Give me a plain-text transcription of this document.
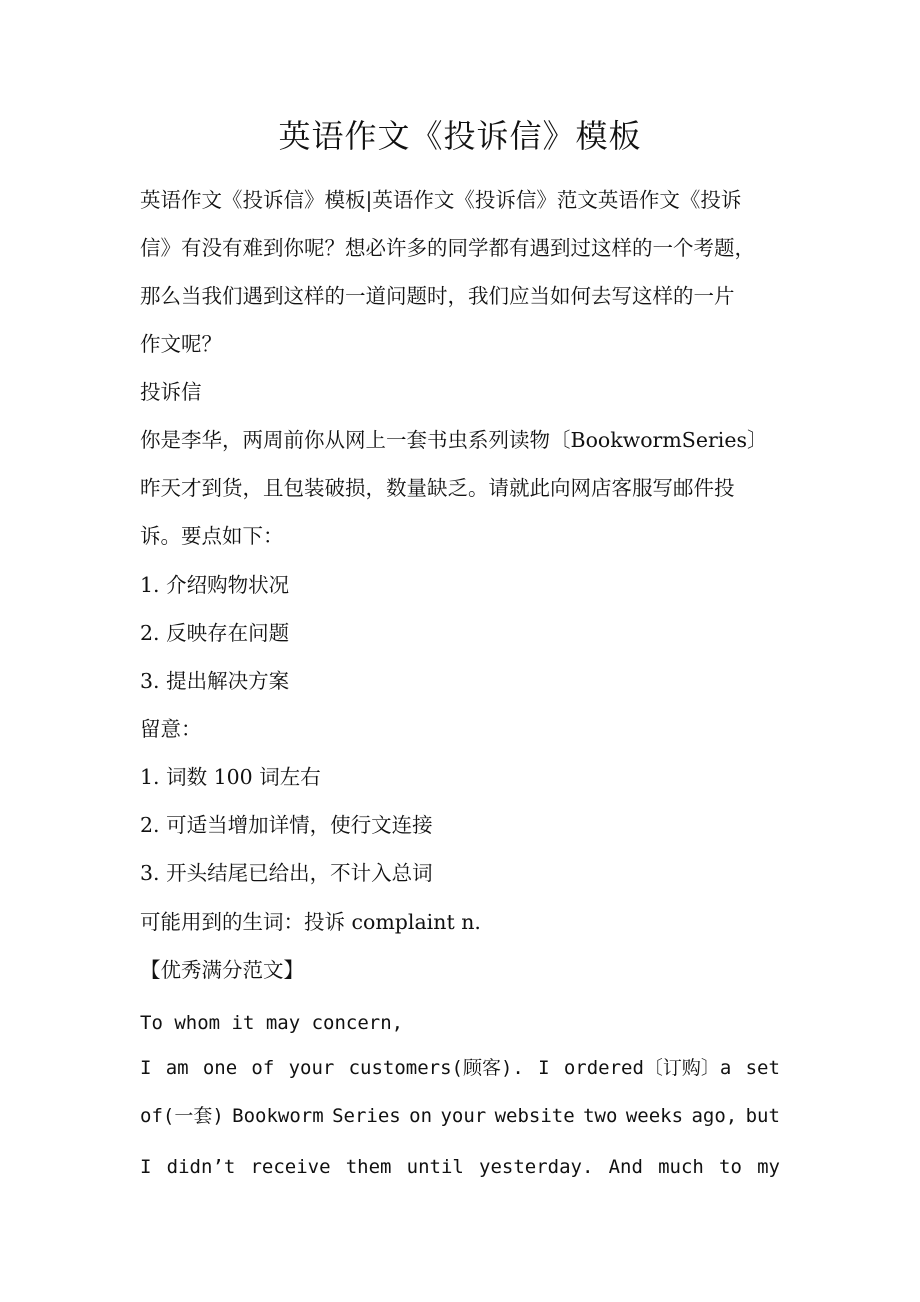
英语作文《投诉信》模板
英语作文《投诉信》模板|英语作文《投诉信》范文英语作文《投诉
信》有没有难到你呢？想必许多的同学都有遇到过这样的一个考题，
那么当我们遇到这样的一道问题时，我们应当如何去写这样的一片
作文呢？
投诉信
你是李华，两周前你从网上一套书虫系列读物〔BookwormSeries〕
昨天才到货，且包装破损，数量缺乏。请就此向网店客服写邮件投
诉。要点如下：
1. 介绍购物状况
2. 反映存在问题
3. 提出解决方案
留意：
1. 词数 100 词左右
2. 可适当增加详情，使行文连接
3. 开头结尾已给出，不计入总词
可能用到的生词：投诉 complaint n.
【优秀满分范文】
To whom it may concern,
I am one of your customers(顾客). I ordered〔订购〕a set
of(一套) Bookworm Series on your website two weeks ago, but
I didn’t receive them until yesterday. And much to my
